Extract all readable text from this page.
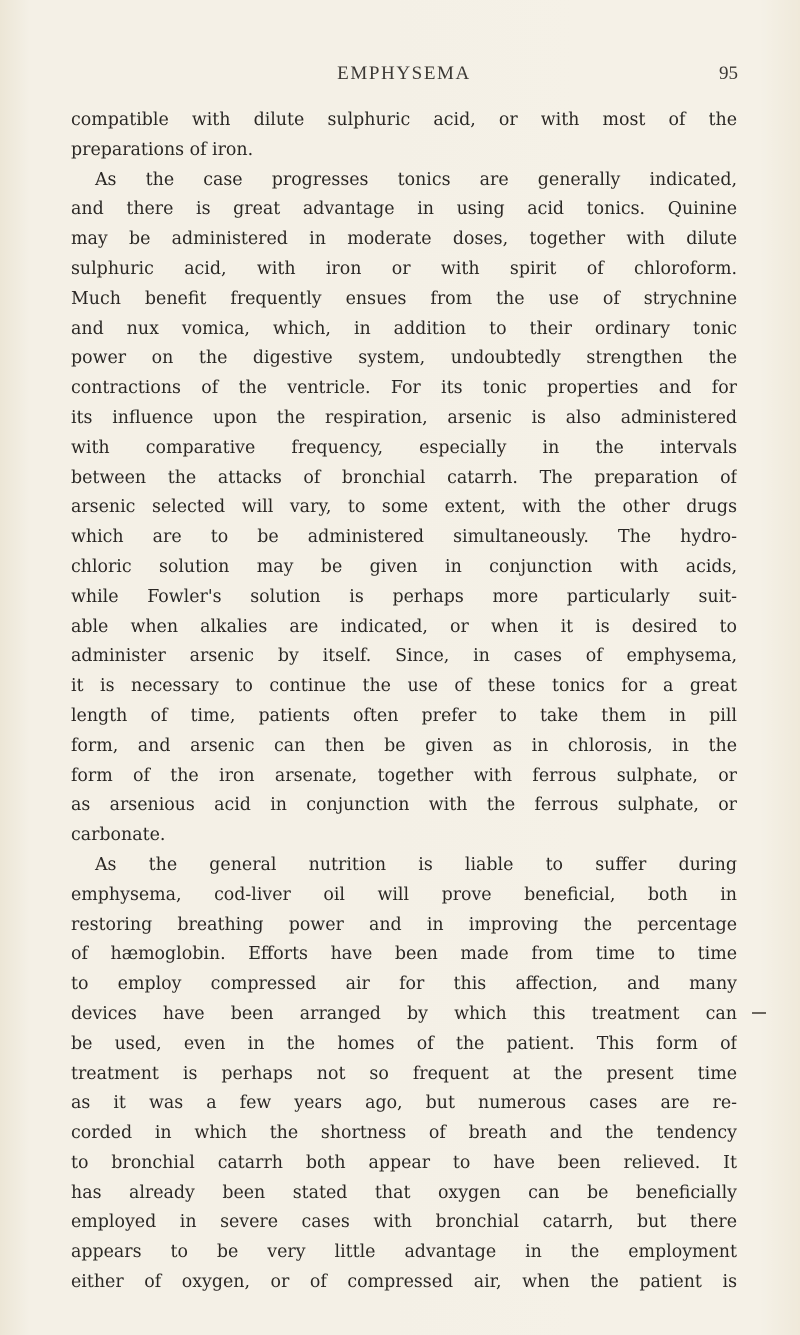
EMPHYSEMA	95
compatible with dilute sulphuric acid, or with most of the
preparations of iron.
As the case progresses tonics are generally indicated,
and there is great advantage in using acid tonics. Quinine
may be administered in moderate doses, together with dilute
sulphuric acid, with iron or with spirit of chloroform.
Much benefit frequently ensues from the use of strychnine
and nux vomica, which, in addition to their ordinary tonic
power on the digestive system, undoubtedly strengthen the
contractions of the ventricle. For its tonic properties and for
its influence upon the respiration, arsenic is also administered
with comparative frequency, especially in the intervals
between the attacks of bronchial catarrh. The preparation of
arsenic selected will vary, to some extent, with the other drugs
which are to be administered simultaneously. The hydro-
chloric solution may be given in conjunction with acids,
while Fowler's solution is perhaps more particularly suit-
able when alkalies are indicated, or when it is desired to
administer arsenic by itself. Since, in cases of emphysema,
it is necessary to continue the use of these tonics for a great
length of time, patients often prefer to take them in pill
form, and arsenic can then be given as in chlorosis, in the
form of the iron arsenate, together with ferrous sulphate, or
as arsenious acid in conjunction with the ferrous sulphate, or
carbonate.
As the general nutrition is liable to suffer during
emphysema, cod-liver oil will prove beneficial, both in
restoring breathing power and in improving the percentage
of hæmoglobin. Efforts have been made from time to time
to employ compressed air for this affection, and many
devices have been arranged by which this treatment can
be used, even in the homes of the patient. This form of
treatment is perhaps not so frequent at the present time
as it was a few years ago, but numerous cases are re-
corded in which the shortness of breath and the tendency
to bronchial catarrh both appear to have been relieved. It
has already been stated that oxygen can be beneficially
employed in severe cases with bronchial catarrh, but there
appears to be very little advantage in the employment
either of oxygen, or of compressed air, when the patient is
